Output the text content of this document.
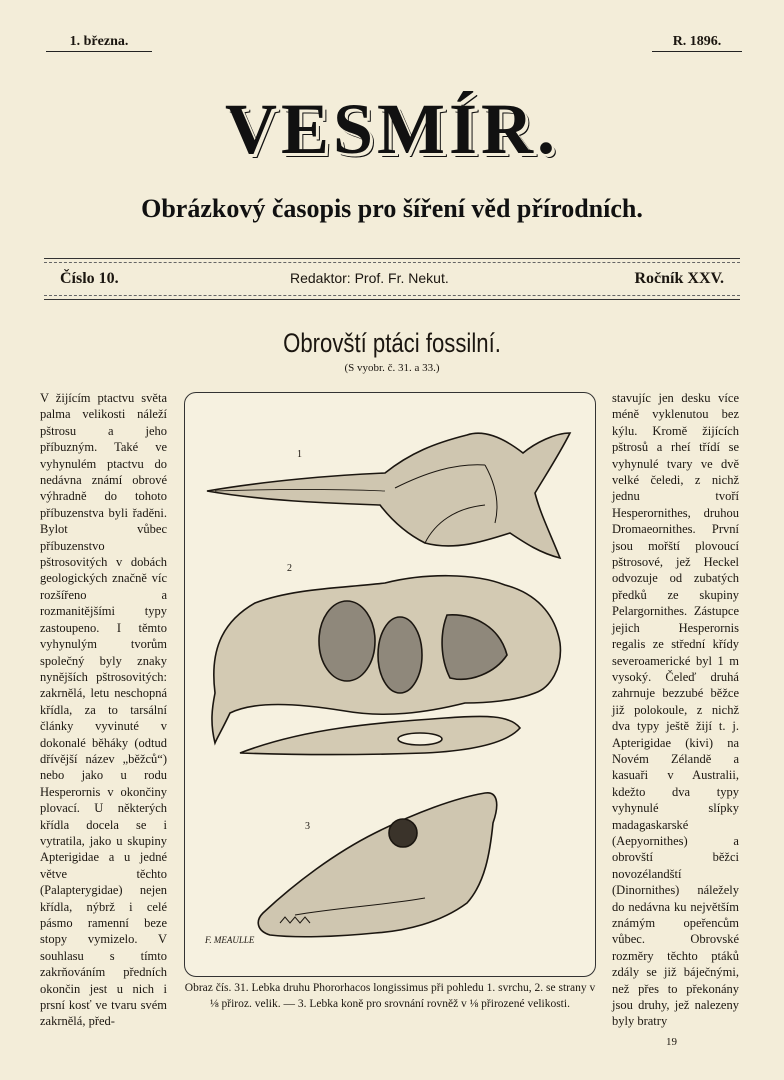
1. března.	R. 1896.
VESMÍR.
Obrázkový časopis pro šíření věd přírodních.
Číslo 10.	Redaktor: Prof. Fr. Nekut.	Ročník XXV.
Obrovští ptáci fossilní.
(S vyobr. č. 31. a 33.)
V žijícím ptactvu světa palma velikosti náleží pštrosu a jeho příbuzným. Také ve vyhynulém ptactvu do nedávna známí obrové výhradně do tohoto příbuzenstva byli řaděni. Bylot vůbec příbuzenstvo pštrosovitých v dobách geologických značně víc rozšířeno a rozmanitějšími typy zastoupeno. I těmto vyhynulým tvorům společný byly znaky nynějších pštrosovitých: zakrnělá, letu neschopná křídla, za to tarsální články vyvinuté v dokonalé běháky (odtud dřívější název „běžců“) nebo jako u rodu Hesperornis v okončiny plovací. U některých křídla docela se i vytratila, jako u skupiny Apterigidae a u jedné větve těchto (Palapterygidae) nejen křídla, nýbrž i celé pásmo ramenní beze stopy vymizelo. V souhlasu s tímto zakrňováním předních okončin jest u nich i prsní kosť ve tvaru svém zakrnělá, před-
1
2
3
F. MEAULLE
stavujíc jen desku více méně vyklenutou bez kýlu. Kromě žijících pštrosů a rheí třídí se vyhynulé tvary ve dvě velké čeledi, z nichž jednu tvoří Hesperornithes, druhou Dromaeornithes. První jsou mořští plovoucí pštrosové, jež Heckel odvozuje od zubatých předků ze skupiny Pelargornithes. Zástupce jejich Hesperornis regalis ze střední křídy severoamerické byl 1 m vysoký. Čeleď druhá zahrnuje bezzubé běžce již polokoule, z nichž dva typy ještě žijí t. j. Apterigidae (kivi) na Novém Zélandě a kasuaři v Australii, kdežto dva typy vyhynulé slípky madagaskarské (Aepyornithes) a obrovští běžci novozélandští (Dinornithes) náležely do nedávna ku největším známým opeřencům vůbec. Obrovské rozměry těchto ptáků zdály se již báječnými, než přes to překonány jsou druhy, jež nalezeny byly bratry
Obraz čís. 31. Lebka druhu Phororhacos longissimus při pohledu 1. svrchu, 2. se strany v ⅛ přiroz. velik. — 3. Lebka koně pro srovnání rovněž v ⅛ přirozené velikosti.
19
